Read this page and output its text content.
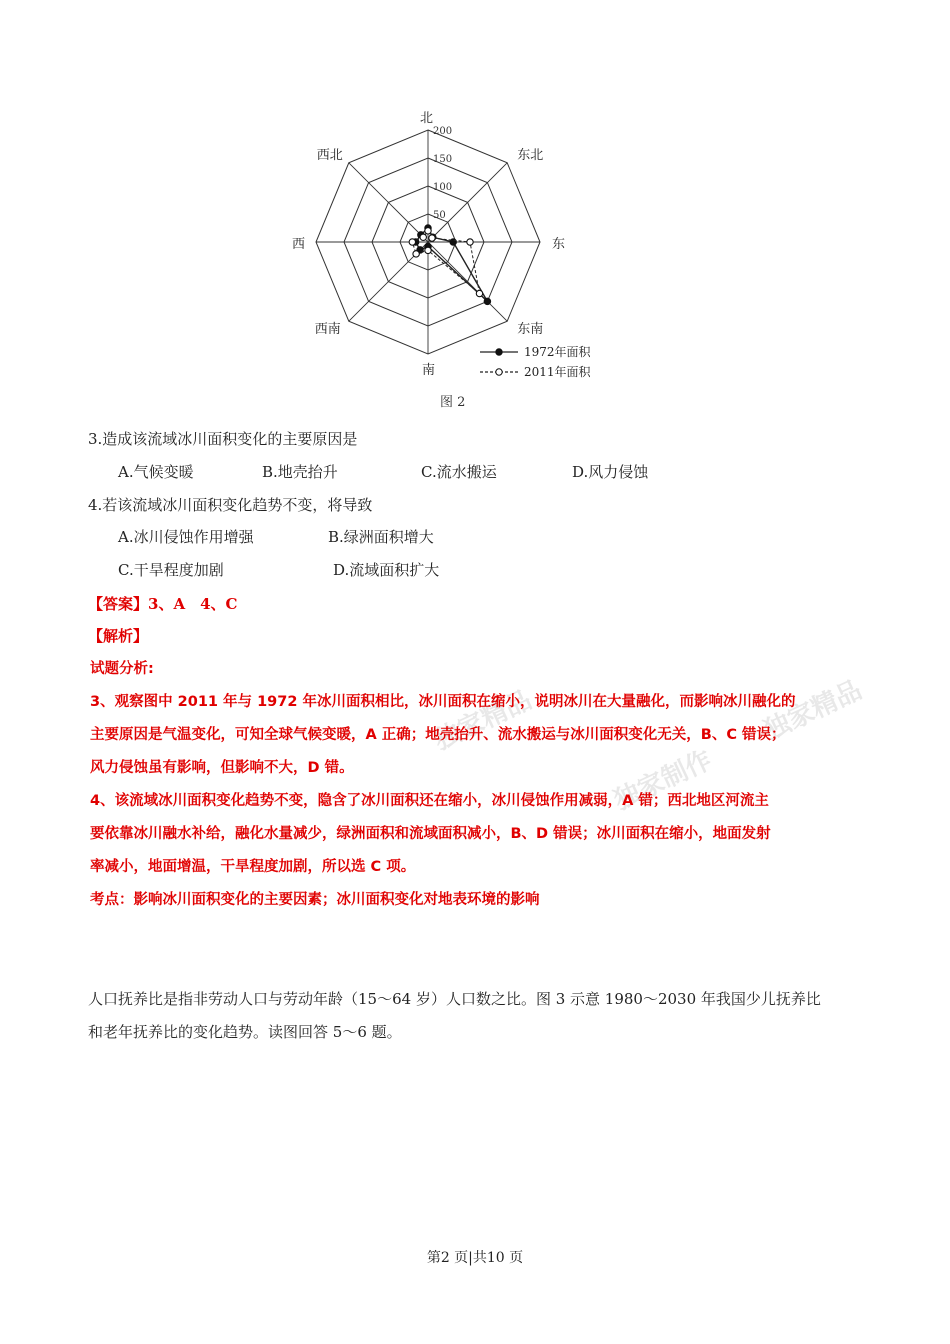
独家精品
独家制作
独家精品
50
100
150
200
北
东北
东
东南
南
西南
西
西北
1972年面积
2011年面积
图 2
3.造成该流域冰川面积变化的主要原因是
A.气候变暖	B.地壳抬升	C.流水搬运	D.风力侵蚀
4.若该流域冰川面积变化趋势不变，将导致
A.冰川侵蚀作用增强	B.绿洲面积增大
C.干旱程度加剧	D.流域面积扩大
【答案】3、A　4、C
【解析】
试题分析:
3、观察图中 2011 年与 1972 年冰川面积相比，冰川面积在缩小，说明冰川在大量融化，而影响冰川融化的
主要原因是气温变化，可知全球气候变暖，A 正确；地壳抬升、流水搬运与冰川面积变化无关，B、C 错误；
风力侵蚀虽有影响，但影响不大，D 错。
4、该流域冰川面积变化趋势不变，隐含了冰川面积还在缩小，冰川侵蚀作用减弱，A 错；西北地区河流主
要依靠冰川融水补给，融化水量减少，绿洲面积和流域面积减小，B、D 错误；冰川面积在缩小，地面发射
率减小，地面增温，干旱程度加剧，所以选 C 项。
考点：影响冰川面积变化的主要因素；冰川面积变化对地表环境的影响
人口抚养比是指非劳动人口与劳动年龄（15～64 岁）人口数之比。图 3 示意 1980～2030 年我国少儿抚养比
和老年抚养比的变化趋势。读图回答 5～6 题。
第2 页|共10 页
